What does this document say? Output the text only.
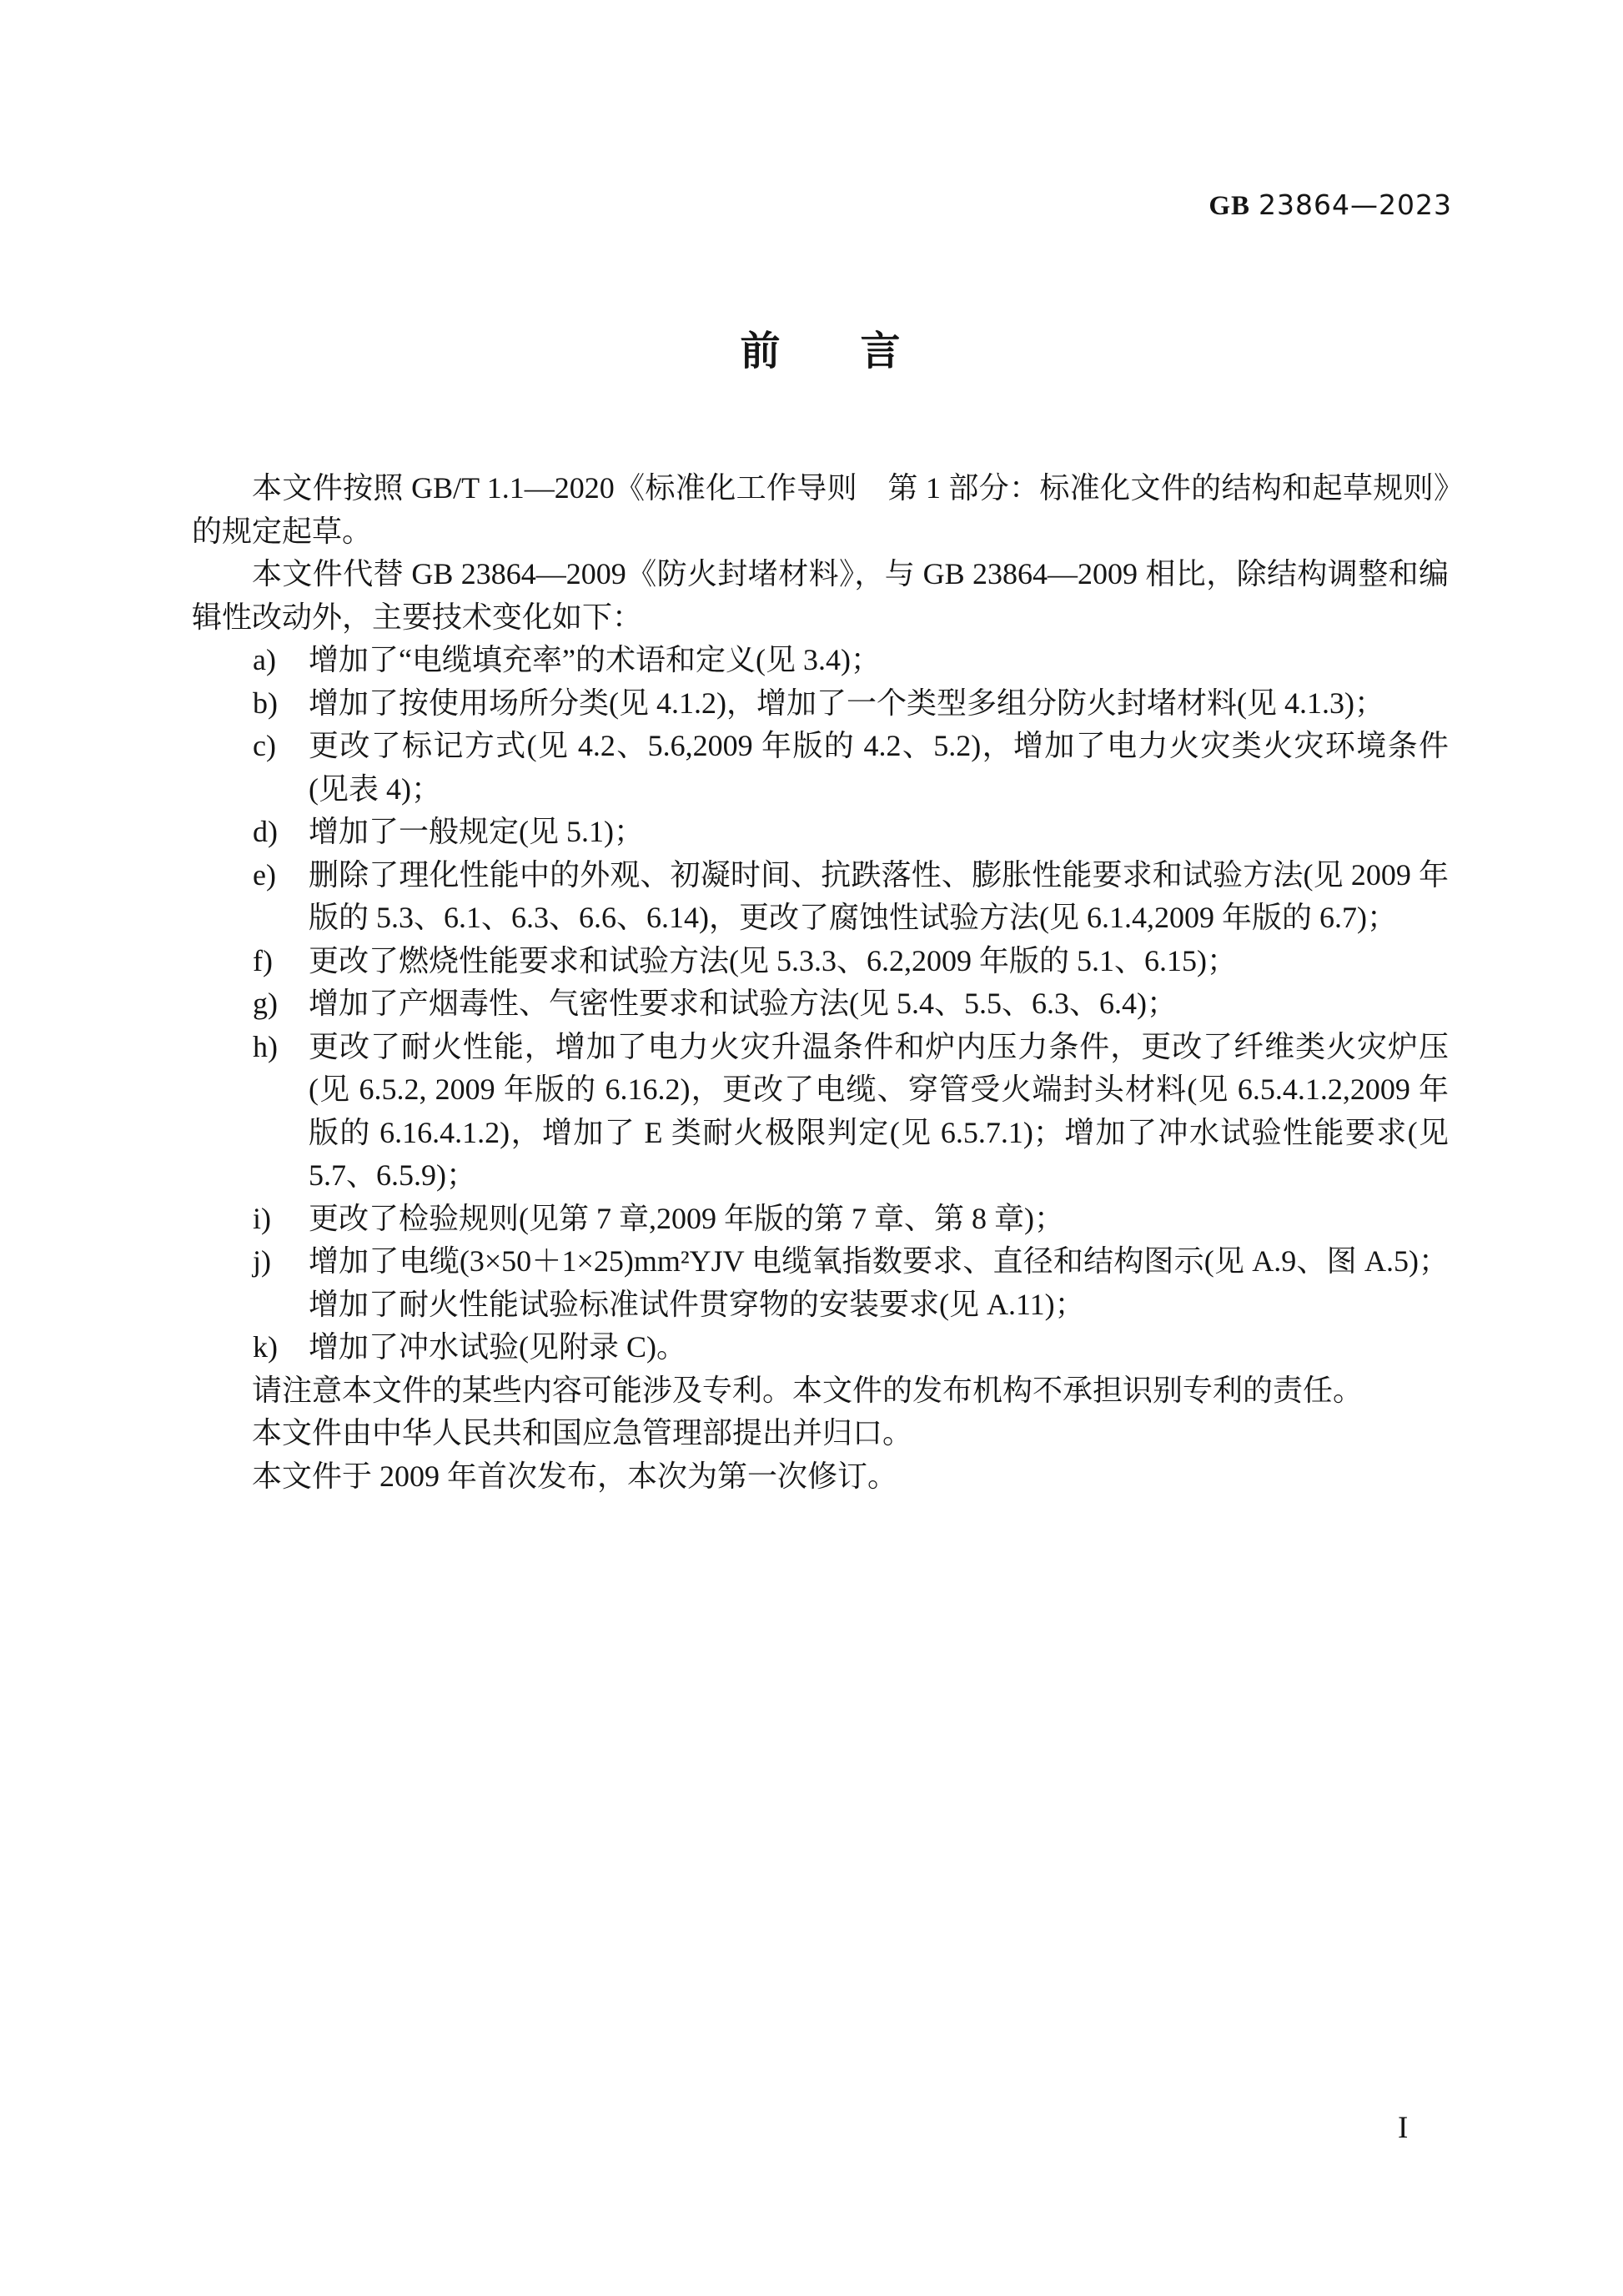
GB 23864—2023
前　　言

本文件按照 GB/T 1.1—2020《标准化工作导则　第 1 部分：标准化文件的结构和起草规则》的规定起草。

本文件代替 GB 23864—2009《防火封堵材料》，与 GB 23864—2009 相比，除结构调整和编辑性改动外，主要技术变化如下：

a)	增加了“电缆填充率”的术语和定义(见 3.4)；
b)	增加了按使用场所分类(见 4.1.2)，增加了一个类型多组分防火封堵材料(见 4.1.3)；
c)	更改了标记方式(见 4.2、5.6,2009 年版的 4.2、5.2)，增加了电力火灾类火灾环境条件(见表 4)；
d)	增加了一般规定(见 5.1)；
e)	删除了理化性能中的外观、初凝时间、抗跌落性、膨胀性能要求和试验方法(见 2009 年版的 5.3、6.1、6.3、6.6、6.14)，更改了腐蚀性试验方法(见 6.1.4,2009 年版的 6.7)；
f)	更改了燃烧性能要求和试验方法(见 5.3.3、6.2,2009 年版的 5.1、6.15)；
g)	增加了产烟毒性、气密性要求和试验方法(见 5.4、5.5、6.3、6.4)；
h)	更改了耐火性能，增加了电力火灾升温条件和炉内压力条件，更改了纤维类火灾炉压(见 6.5.2, 2009 年版的 6.16.2)，更改了电缆、穿管受火端封头材料(见 6.5.4.1.2,2009 年版的 6.16.4.1.2)，增加了 E 类耐火极限判定(见 6.5.7.1)；增加了冲水试验性能要求(见 5.7、6.5.9)；
i)	更改了检验规则(见第 7 章,2009 年版的第 7 章、第 8 章)；
j)	增加了电缆(3×50＋1×25)mm²YJV 电缆氧指数要求、直径和结构图示(见 A.9、图 A.5)；增加了耐火性能试验标准试件贯穿物的安装要求(见 A.11)；
k)	增加了冲水试验(见附录 C)。

请注意本文件的某些内容可能涉及专利。本文件的发布机构不承担识别专利的责任。

本文件由中华人民共和国应急管理部提出并归口。

本文件于 2009 年首次发布，本次为第一次修订。

I
